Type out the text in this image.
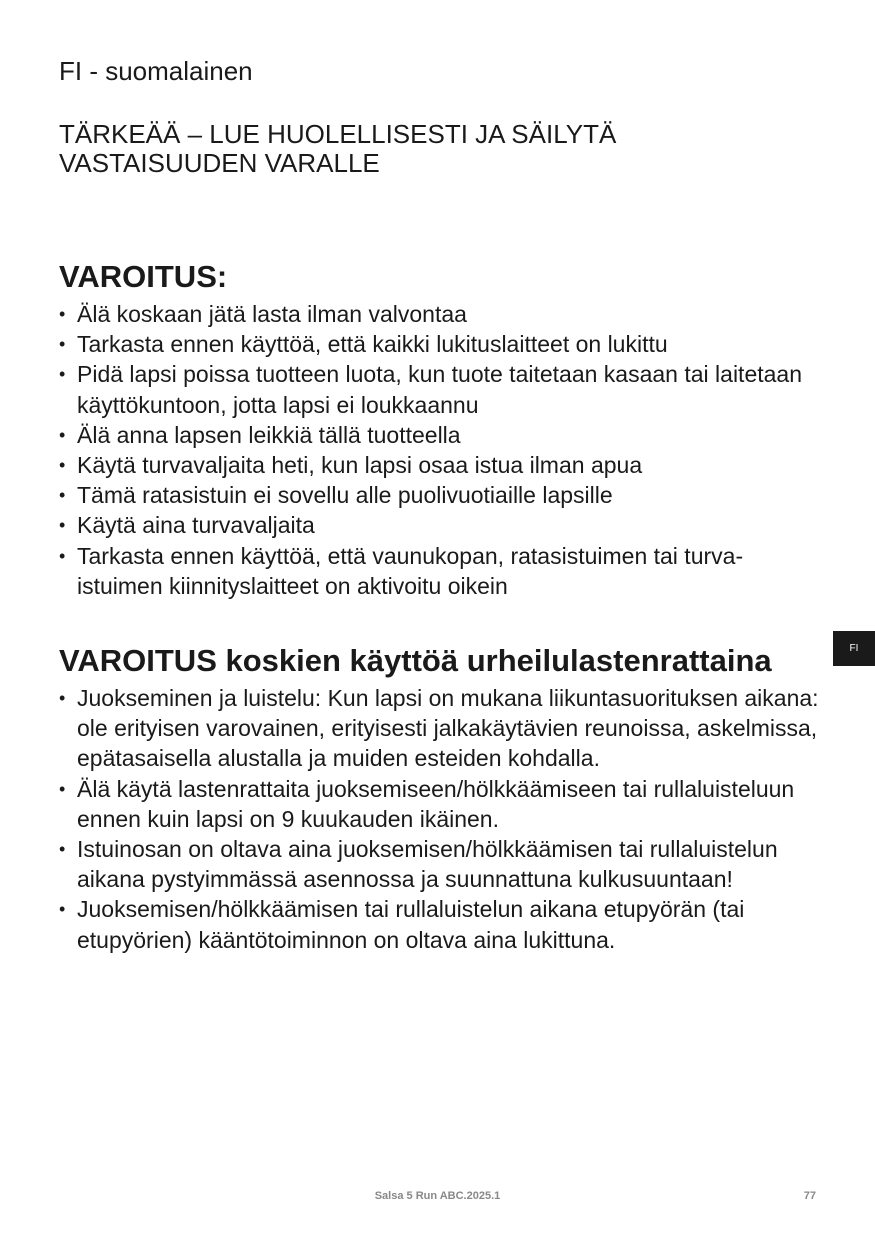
FI - suomalainen

TÄRKEÄÄ – LUE HUOLELLISESTI JA SÄILYTÄ VASTAISUUDEN VARALLE

VAROITUS:
• Älä koskaan jätä lasta ilman valvontaa
• Tarkasta ennen käyttöä, että kaikki lukituslaitteet on lukittu
• Pidä lapsi poissa tuotteen luota, kun tuote taitetaan kasaan tai laitetaan käyttökuntoon, jotta lapsi ei loukkaannu
• Älä anna lapsen leikkiä tällä tuotteella
• Käytä turvavaljaita heti, kun lapsi osaa istua ilman apua
• Tämä ratasistuin ei sovellu alle puolivuotiaille lapsille
• Käytä aina turvavaljaita
• Tarkasta ennen käyttöä, että vaunukopan, ratasistuimen tai turva-istuimen kiinnityslaitteet on aktivoitu oikein
VAROITUS koskien käyttöä urheilulastenrattaina
• Juokseminen ja luistelu: Kun lapsi on mukana liikuntasuorituksen aikana: ole erityisen varovainen, erityisesti jalkakäytävien reunoissa, askelmissa, epätasaisella alustalla ja muiden esteiden kohdalla.
• Älä käytä lastenrattaita juoksemiseen/hölkkäämiseen tai rullaluisteluun ennen kuin lapsi on 9 kuukauden ikäinen.
• Istuinosan on oltava aina juoksemisen/hölkkäämisen tai rullaluistelun aikana pystyimmässä asennossa ja suunnattuna kulkusuuntaan!
• Juoksemisen/hölkkäämisen tai rullaluistelun aikana etupyörän (tai etupyörien) kääntötoiminnon on oltava aina lukittuna.
FI
Salsa 5 Run ABC.2025.1	77
